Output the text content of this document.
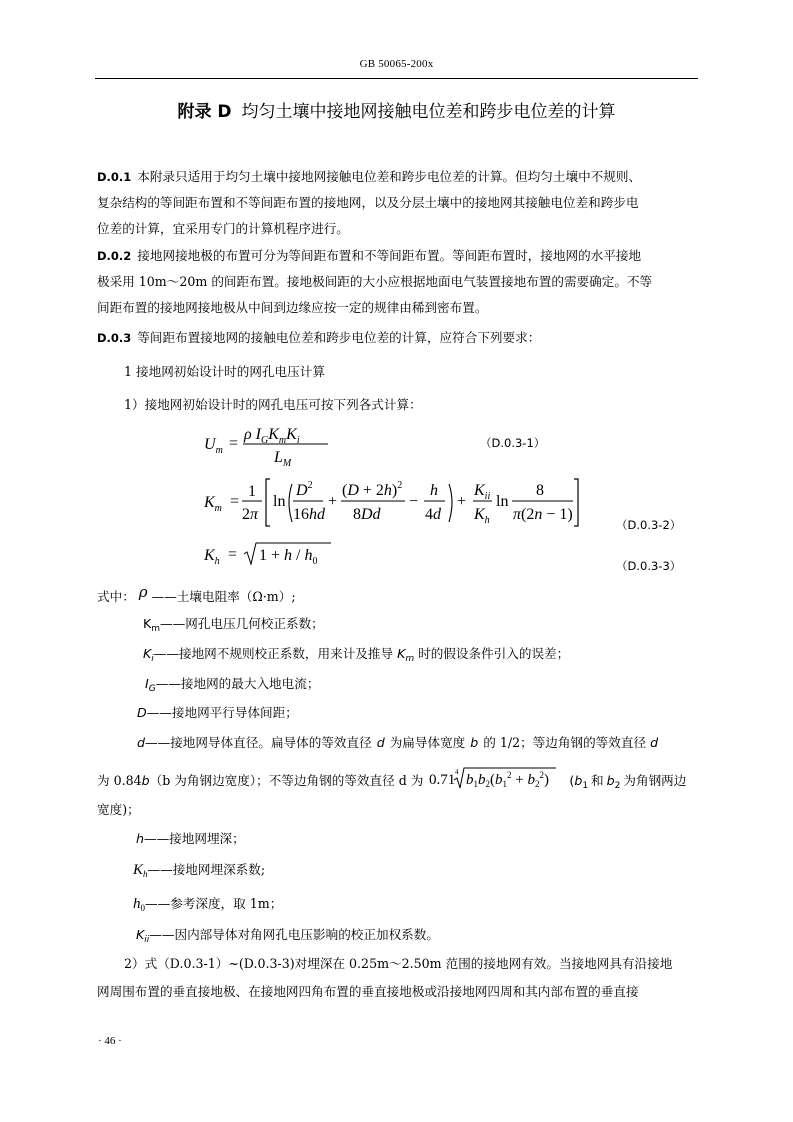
GB 50065-200x
附录 D 均匀土壤中接地网接触电位差和跨步电位差的计算
D.0.1 本附录只适用于均匀土壤中接地网接触电位差和跨步电位差的计算。但均匀土壤中不规则、
复杂结构的等间距布置和不等间距布置的接地网，以及分层土壤中的接地网其接触电位差和跨步电
位差的计算，宜采用专门的计算机程序进行。
D.0.2 接地网接地极的布置可分为等间距布置和不等间距布置。等间距布置时，接地网的水平接地
极采用 10m～20m 的间距布置。接地极间距的大小应根据地面电气装置接地布置的需要确定。不等
间距布置的接地网接地极从中间到边缘应按一定的规律由稀到密布置。
D.0.3 等间距布置接地网的接触电位差和跨步电位差的计算，应符合下列要求：
1 接地网初始设计时的网孔电压计算
1）接地网初始设计时的网孔电压可按下列各式计算：
$U_m$ =
ρ $I_GK_mK_i$
$L_M$
（D.0.3-1）
$K_m$ =
1
2π
ln
$D^2$
16hd
+
$(D + 2h)^2$
8Dd
−
h
4d
+
$K_{ii}$
$K_h$
ln
8
π(2n − 1)
（D.0.3-2）
$K_h = 1 + h / h_0$	（D.0.3-3）
式中： ρ ——土壤电阻率（Ω·m）;
$K_m——$网孔电压几何校正系数；
$K_i——$接地网不规则校正系数，用来计及推导 $K_m$ 时的假设条件引入的误差；
$I_G——$接地网的最大入地电流；
D——接地网平行导体间距；
d——接地网导体直径。扁导体的等效直径 d 为扁导体宽度 b 的 1/2；等边角钢的等效直径 d
为 0.84b（b 为角钢边宽度）；不等边角钢的等效直径 d 为 0.71 4 $b_1b_2(b_1^2 + b_2^2)$ ($b_1$ 和 $b_2$ 为角钢两边
宽度)；
h——接地网埋深；
$K_h——$接地网埋深系数;
$h_0——$参考深度，取 1m；
$K_{ii}——$因内部导体对角网孔电压影响的校正加权系数。
2）式（D.0.3-1）~(D.0.3-3)对埋深在 0.25m～2.50m 范围的接地网有效。当接地网具有沿接地
网周围布置的垂直接地极、在接地网四角布置的垂直接地极或沿接地网四周和其内部布置的垂直接
· 46 ·
